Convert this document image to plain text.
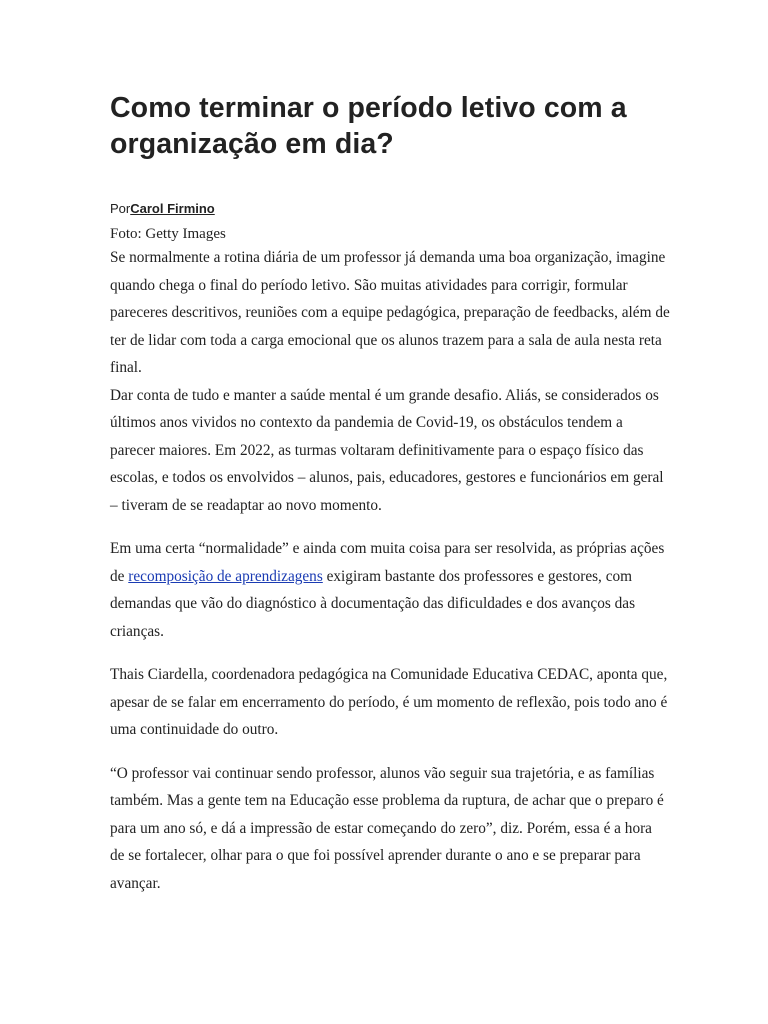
Como terminar o período letivo com a organização em dia?
PorCarol Firmino
Foto: Getty Images

Se normalmente a rotina diária de um professor já demanda uma boa organização, imagine quando chega o final do período letivo. São muitas atividades para corrigir, formular pareceres descritivos, reuniões com a equipe pedagógica, preparação de feedbacks, além de ter de lidar com toda a carga emocional que os alunos trazem para a sala de aula nesta reta final.

Dar conta de tudo e manter a saúde mental é um grande desafio. Aliás, se considerados os últimos anos vividos no contexto da pandemia de Covid-19, os obstáculos tendem a parecer maiores. Em 2022, as turmas voltaram definitivamente para o espaço físico das escolas, e todos os envolvidos – alunos, pais, educadores, gestores e funcionários em geral – tiveram de se readaptar ao novo momento.

Em uma certa “normalidade” e ainda com muita coisa para ser resolvida, as próprias ações de recomposição de aprendizagens exigiram bastante dos professores e gestores, com demandas que vão do diagnóstico à documentação das dificuldades e dos avanços das crianças.

Thais Ciardella, coordenadora pedagógica na Comunidade Educativa CEDAC, aponta que, apesar de se falar em encerramento do período, é um momento de reflexão, pois todo ano é uma continuidade do outro.

“O professor vai continuar sendo professor, alunos vão seguir sua trajetória, e as famílias também. Mas a gente tem na Educação esse problema da ruptura, de achar que o preparo é para um ano só, e dá a impressão de estar começando do zero”, diz. Porém, essa é a hora de se fortalecer, olhar para o que foi possível aprender durante o ano e se preparar para avançar.
